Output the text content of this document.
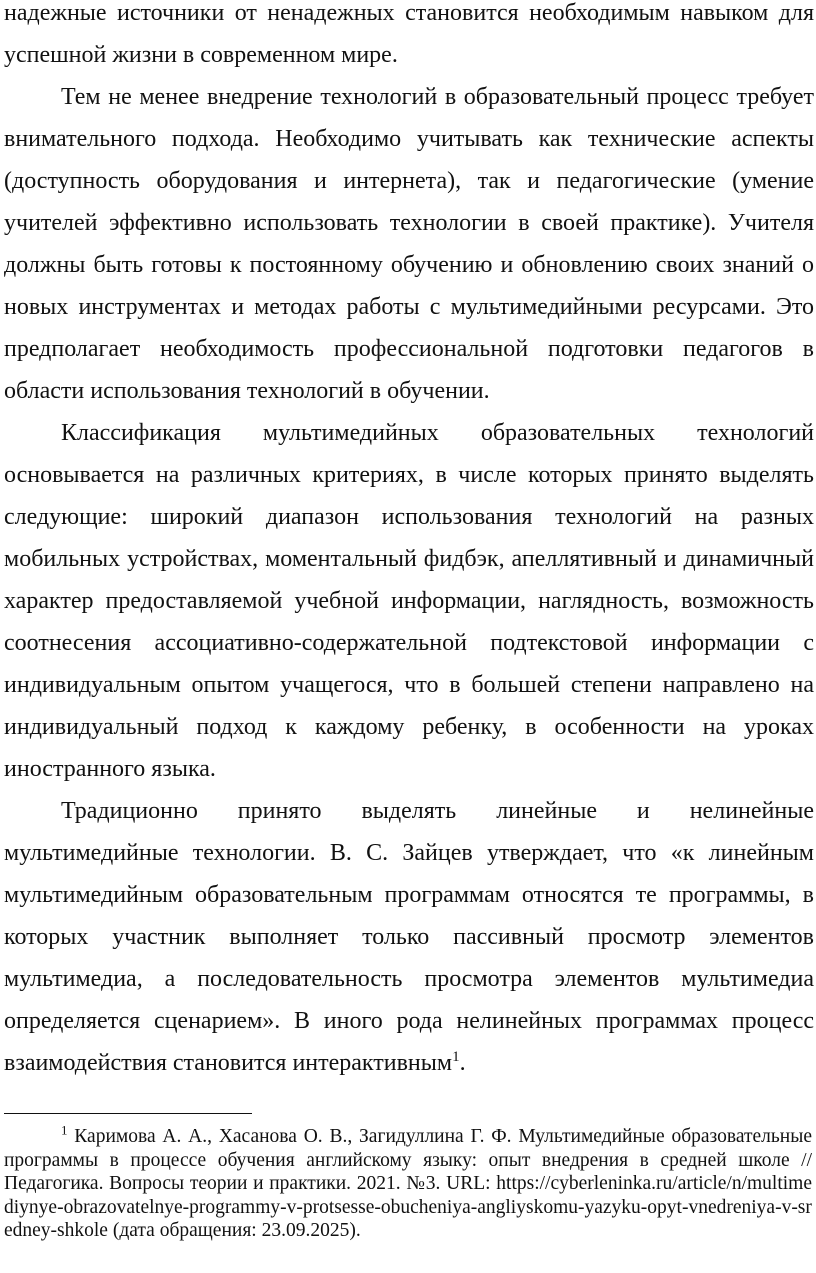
надежные источники от ненадежных становится необходимым навыком для успешной жизни в современном мире.

Тем не менее внедрение технологий в образовательный процесс требует внимательного подхода. Необходимо учитывать как технические аспекты (доступность оборудования и интернета), так и педагогические (умение учителей эффективно использовать технологии в своей практике). Учителя должны быть готовы к постоянному обучению и обновлению своих знаний о новых инструментах и методах работы с мультимедийными ресурсами. Это предполагает необходимость профессиональной подготовки педагогов в области использования технологий в обучении.

Классификация мультимедийных образовательных технологий основывается на различных критериях, в числе которых принято выделять следующие: широкий диапазон использования технологий на разных мобильных устройствах, моментальный фидбэк, апеллятивный и динамичный характер предоставляемой учебной информации, наглядность, возможность соотнесения ассоциативно-содержательной подтекстовой информации с индивидуальным опытом учащегося, что в большей степени направлено на индивидуальный подход к каждому ребенку, в особенности на уроках иностранного языка.

Традиционно принято выделять линейные и нелинейные мультимедийные технологии. В. С. Зайцев утверждает, что «к линейным мультимедийным образовательным программам относятся те программы, в которых участник выполняет только пассивный просмотр элементов мультимедиа, а последовательность просмотра элементов мультимедиа определяется сценарием». В иного рода нелинейных программах процесс взаимодействия становится интерактивным$^1$.

$^1$ Каримова А. А., Хасанова О. В., Загидуллина Г. Ф. Мультимедийные образовательные программы в процессе обучения английскому языку: опыт внедрения в средней школе // Педагогика. Вопросы теории и практики. 2021. №3. URL: https://cyberleninka.ru/article/n/multimediynye-obrazovatelnye-programmy-v-protsesse-obucheniya-angliyskomu-yazyku-opyt-vnedreniya-v-sredney-shkole (дата обращения: 23.09.2025).
